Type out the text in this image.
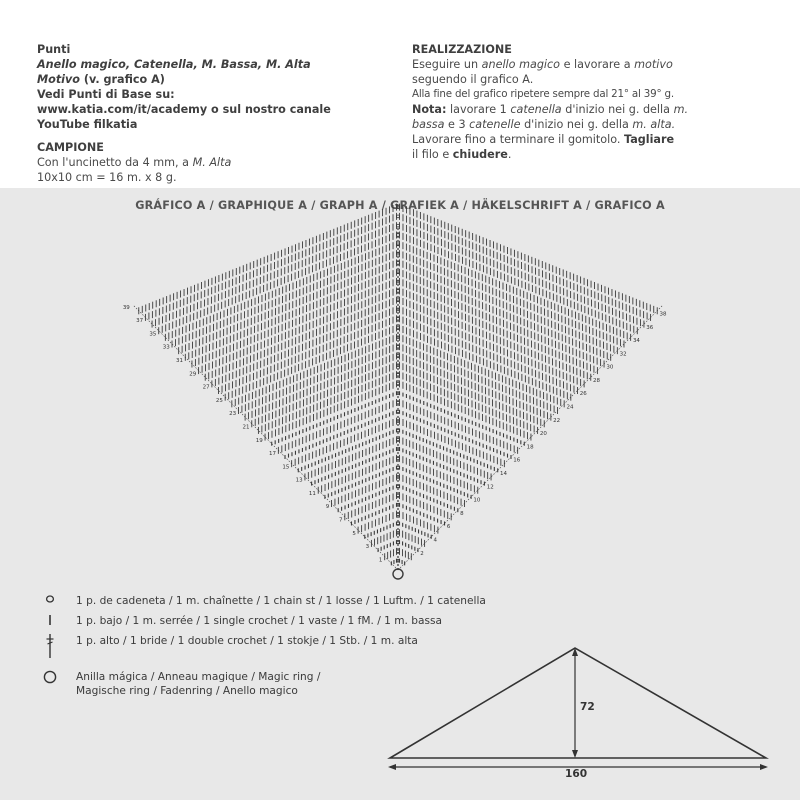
Punti
Anello magico, Catenella, M. Bassa, M. Alta
Motivo (v. grafico A)
Vedi Punti di Base su:
www.katia.com/it/academy o sul nostro canale
YouTube filkatia
CAMPIONE
Con l'uncinetto da 4 mm, a M. Alta
10x10 cm = 16 m. x 8 g.
REALIZZAZIONE
Eseguire un anello magico e lavorare a motivo
seguendo il grafico A.
Alla fine del grafico ripetere sempre dal 21° al 39° g.
Nota: lavorare 1 catenella d'inizio nei g. della m.
bassa e 3 catenelle d'inizio nei g. della m. alta.
Lavorare fino a terminare il gomitolo. Tagliare
il filo e chiudere.
GRÁFICO A / GRAPHIQUE A / GRAPH A / GRAFIEK A / HÄKELSCHRIFT A / GRAFICO A
39
37
35
33
31
29
27
25
23
21
19
17
15
13
11
9
7
5
3
1
38
36
34
32
30
28
26
24
22
20
18
16
14
12
10
8
6
4
2
1 p. de cadeneta / 1 m. chaînette / 1 chain st / 1 losse / 1 Luftm. / 1 catenella
1 p. bajo / 1 m. serrée / 1 single crochet / 1 vaste / 1 fM. / 1 m. bassa
1 p. alto / 1 bride / 1 double crochet / 1 stokje / 1 Stb. / 1 m. alta
Anilla mágica / Anneau magique / Magic ring /
Magische ring / Fadenring / Anello magico
72
160
